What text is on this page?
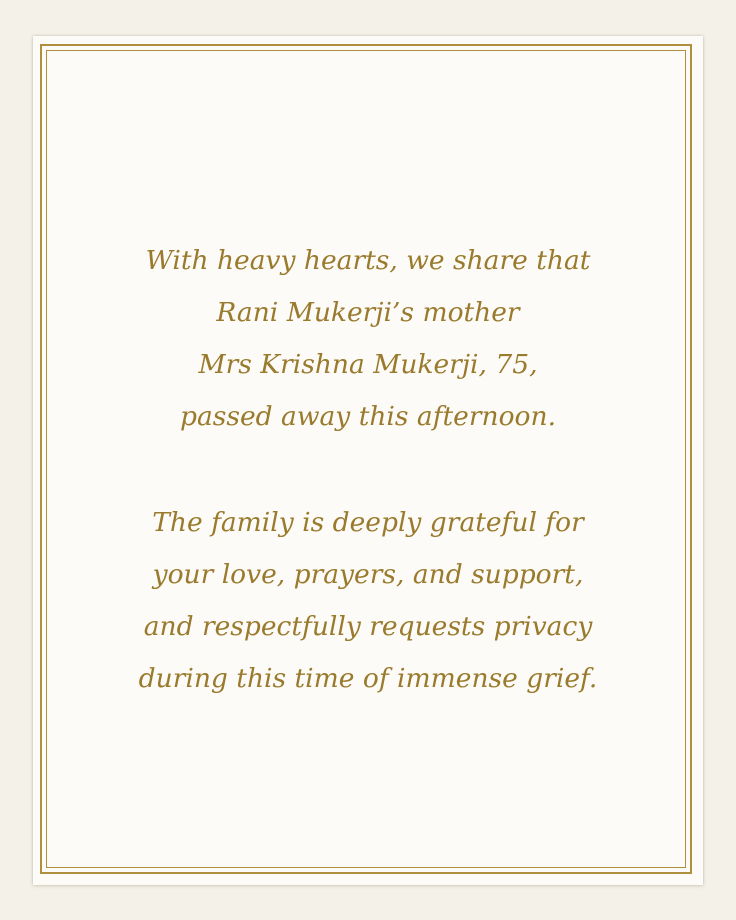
With heavy hearts, we share that
Rani Mukerji’s mother
Mrs Krishna Mukerji, 75,
passed away this afternoon.

The family is deeply grateful for
your love, prayers, and support,
and respectfully requests privacy
during this time of immense grief.
